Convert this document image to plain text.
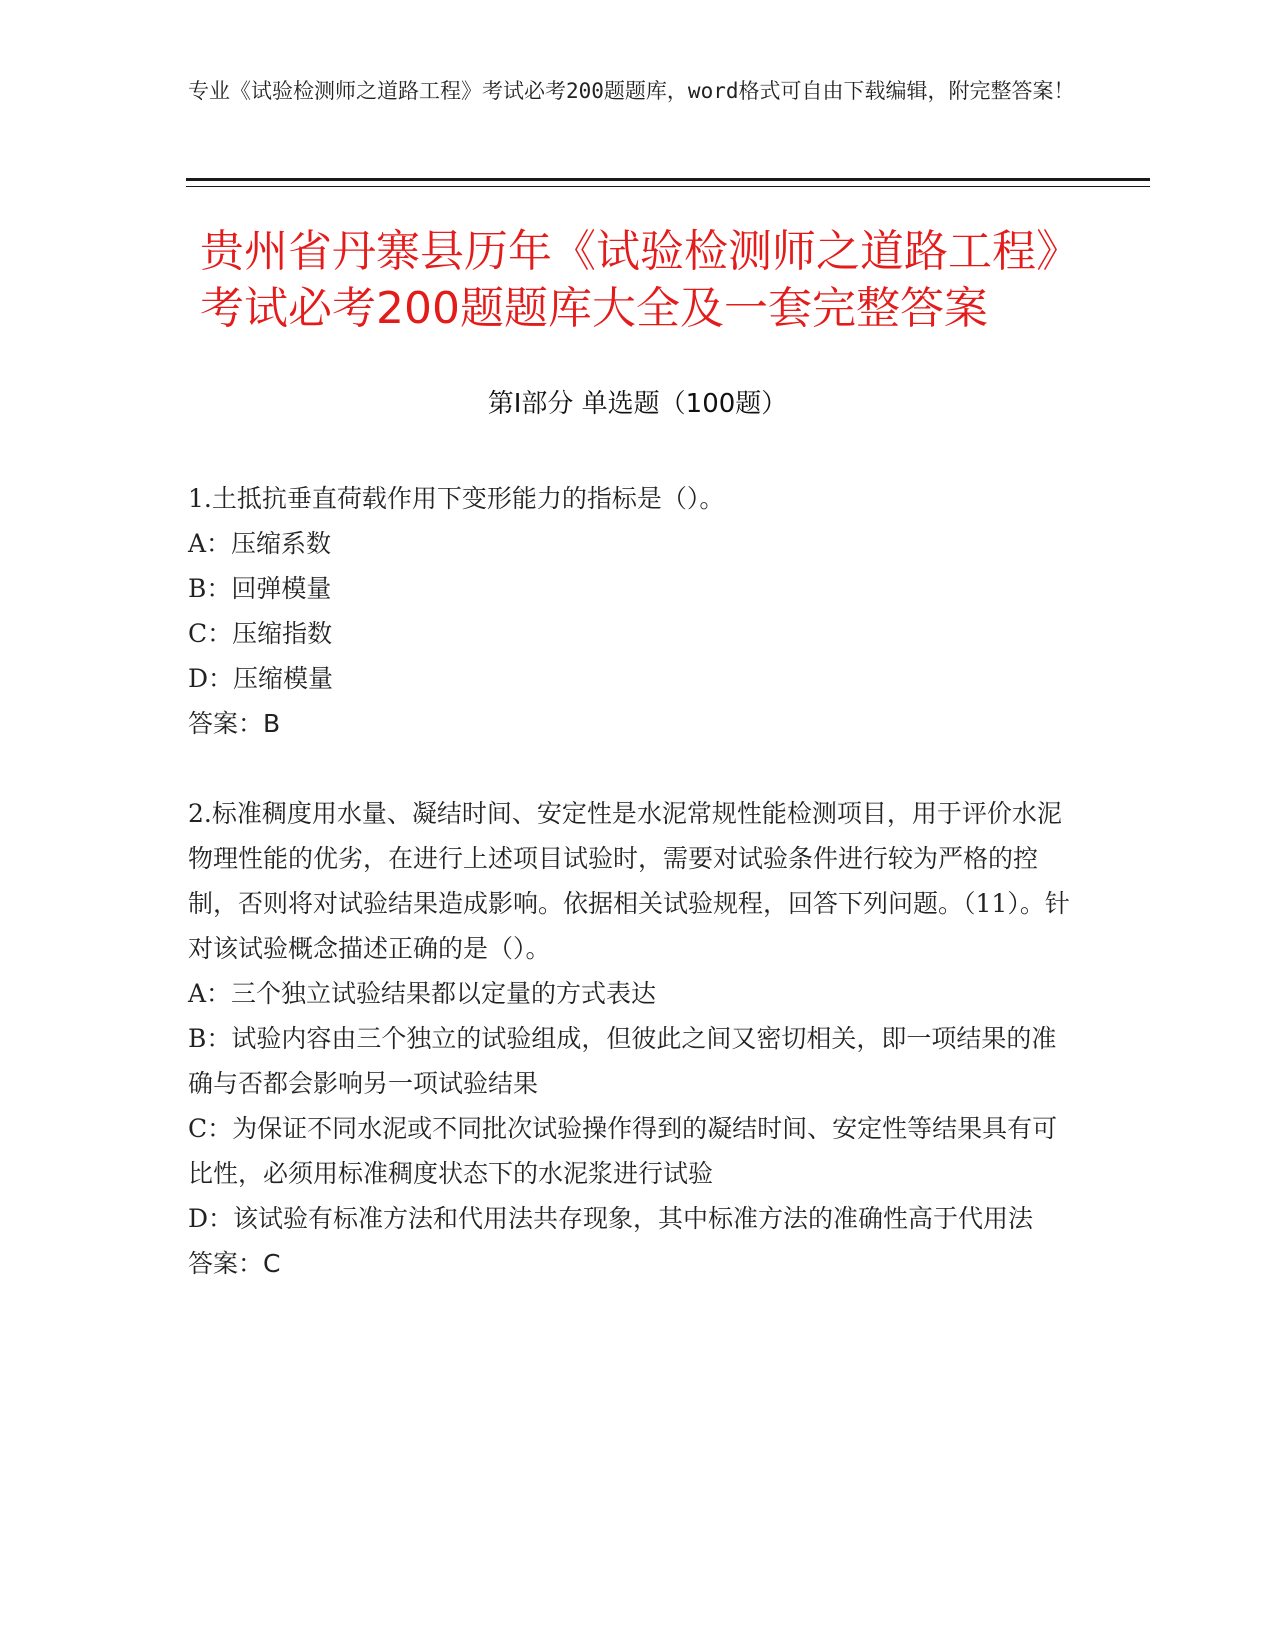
专业《试验检测师之道路工程》考试必考200题题库，word格式可自由下载编辑，附完整答案！
贵州省丹寨县历年《试验检测师之道路工程》考试必考200题题库大全及一套完整答案
第Ⅰ部分 单选题（100题）
1.土抵抗垂直荷载作用下变形能力的指标是（）。
A：压缩系数
B：回弹模量
C：压缩指数
D：压缩模量
答案：B
2.标准稠度用水量、凝结时间、安定性是水泥常规性能检测项目，用于评价水泥物理性能的优劣，在进行上述项目试验时，需要对试验条件进行较为严格的控制，否则将对试验结果造成影响。依据相关试验规程，回答下列问题。（11）。针对该试验概念描述正确的是（）。
A：三个独立试验结果都以定量的方式表达
B：试验内容由三个独立的试验组成，但彼此之间又密切相关，即一项结果的准确与否都会影响另一项试验结果
C：为保证不同水泥或不同批次试验操作得到的凝结时间、安定性等结果具有可比性，必须用标准稠度状态下的水泥浆进行试验
D：该试验有标准方法和代用法共存现象，其中标准方法的准确性高于代用法
答案：C
